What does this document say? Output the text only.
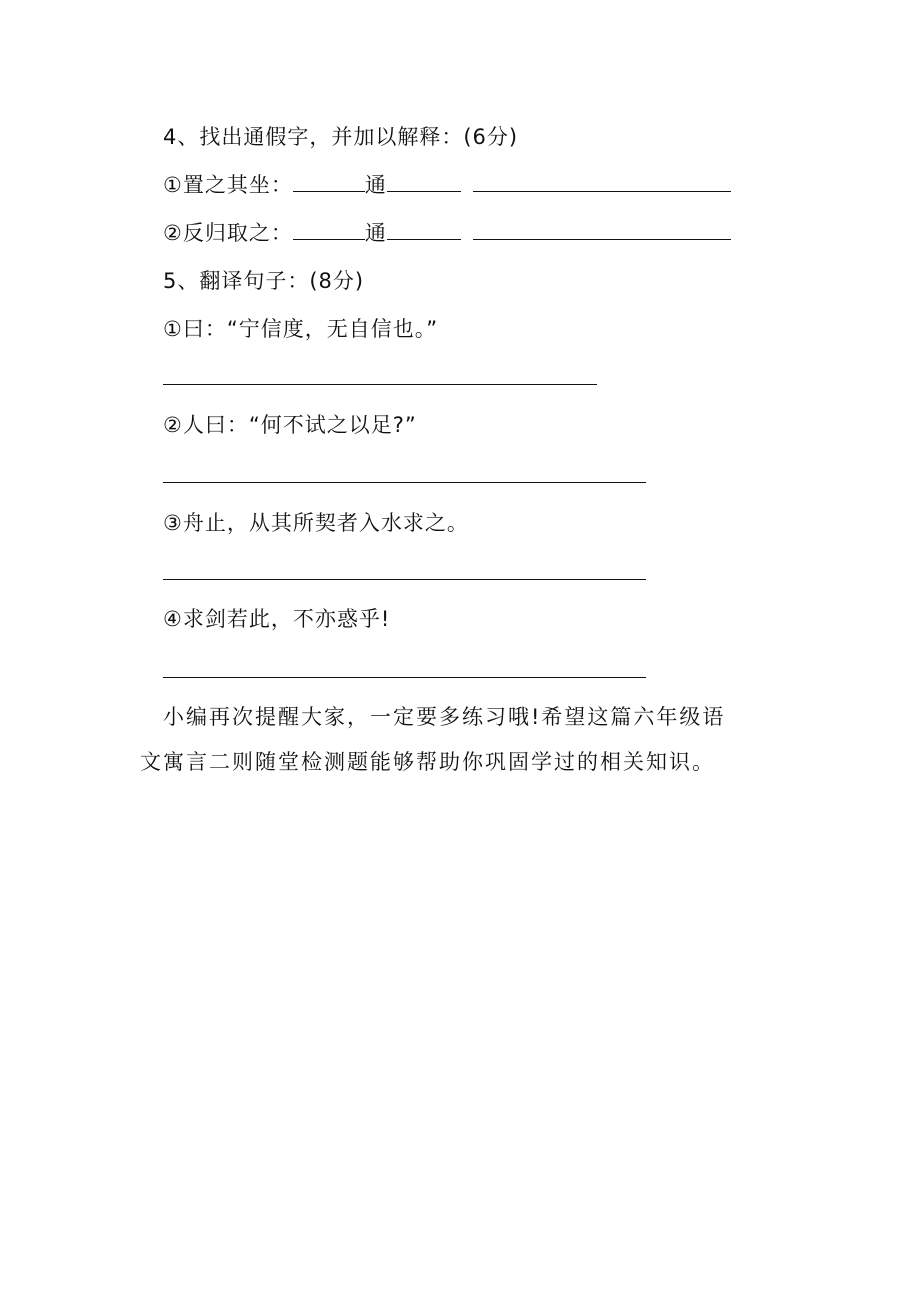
4、找出通假字，并加以解释：(6分)
①置之其坐：	通
②反归取之：	通
5、翻译句子：(8分)
①曰：“宁信度，无自信也。”
②人曰：“何不试之以足?”
③舟止，从其所契者入水求之。
④求剑若此，不亦惑乎!
小编再次提醒大家，一定要多练习哦!希望这篇六年级语
文寓言二则随堂检测题能够帮助你巩固学过的相关知识。
